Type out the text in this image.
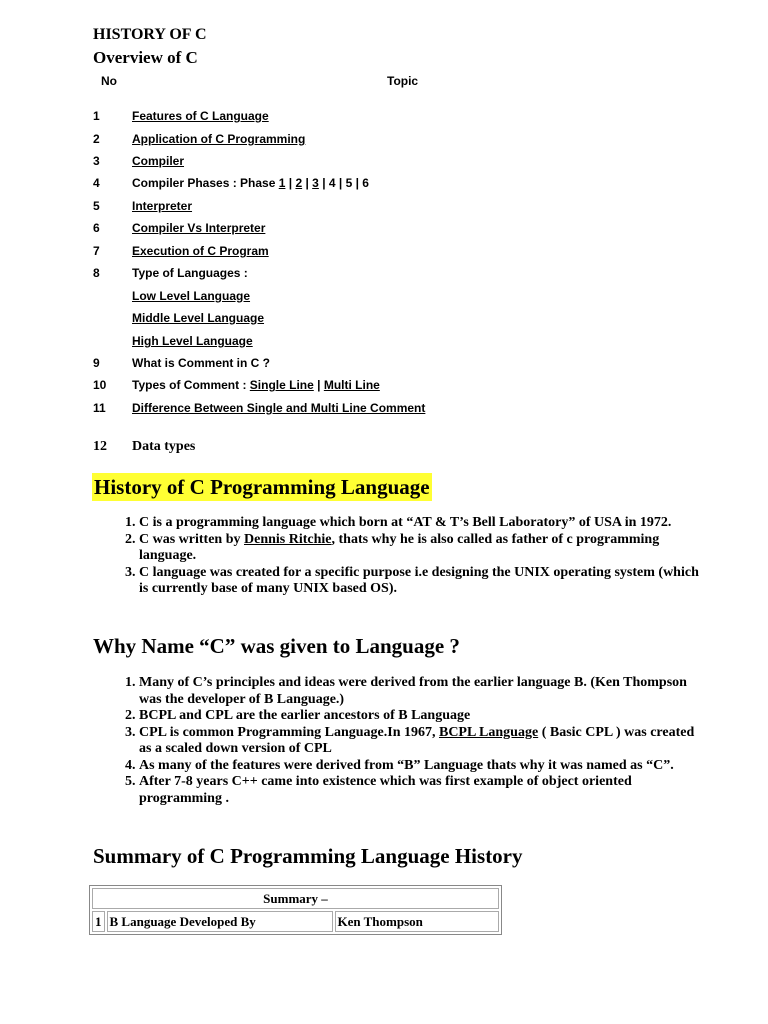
HISTORY OF C
Overview of C
No	Topic
1	Features of C Language
2	Application of C Programming
3	Compiler
4	Compiler Phases : Phase 1 | 2 | 3 | 4 | 5 | 6
5	Interpreter
6	Compiler Vs Interpreter
7	Execution of C Program
8	Type of Languages :
Low Level Language
Middle Level Language
High Level Language
9	What is Comment in C ?
10 Types of Comment : Single Line | Multi Line
11 Difference Between Single and Multi Line Comment
12 Data types
History of C Programming Language
1. C is a programming language which born at “AT & T’s Bell Laboratory” of USA in 1972.
2. C was written by Dennis Ritchie, thats why he is also called as father of c programming language.
3. C language was created for a specific purpose i.e designing the UNIX operating system (which is currently base of many UNIX based OS).
Why Name “C” was given to Language ?
1. Many of C’s principles and ideas were derived from the earlier language B. (Ken Thompson was the developer of B Language.)
2. BCPL and CPL are the earlier ancestors of B Language
3. CPL is common Programming Language.In 1967, BCPL Language ( Basic CPL ) was created as a scaled down version of CPL
4. As many of the features were derived from “B” Language thats why it was named as “C”.
5. After 7-8 years C++ came into existence which was first example of object oriented programming .
Summary of C Programming Language History
Summary –
1	B Language Developed By	Ken Thompson
